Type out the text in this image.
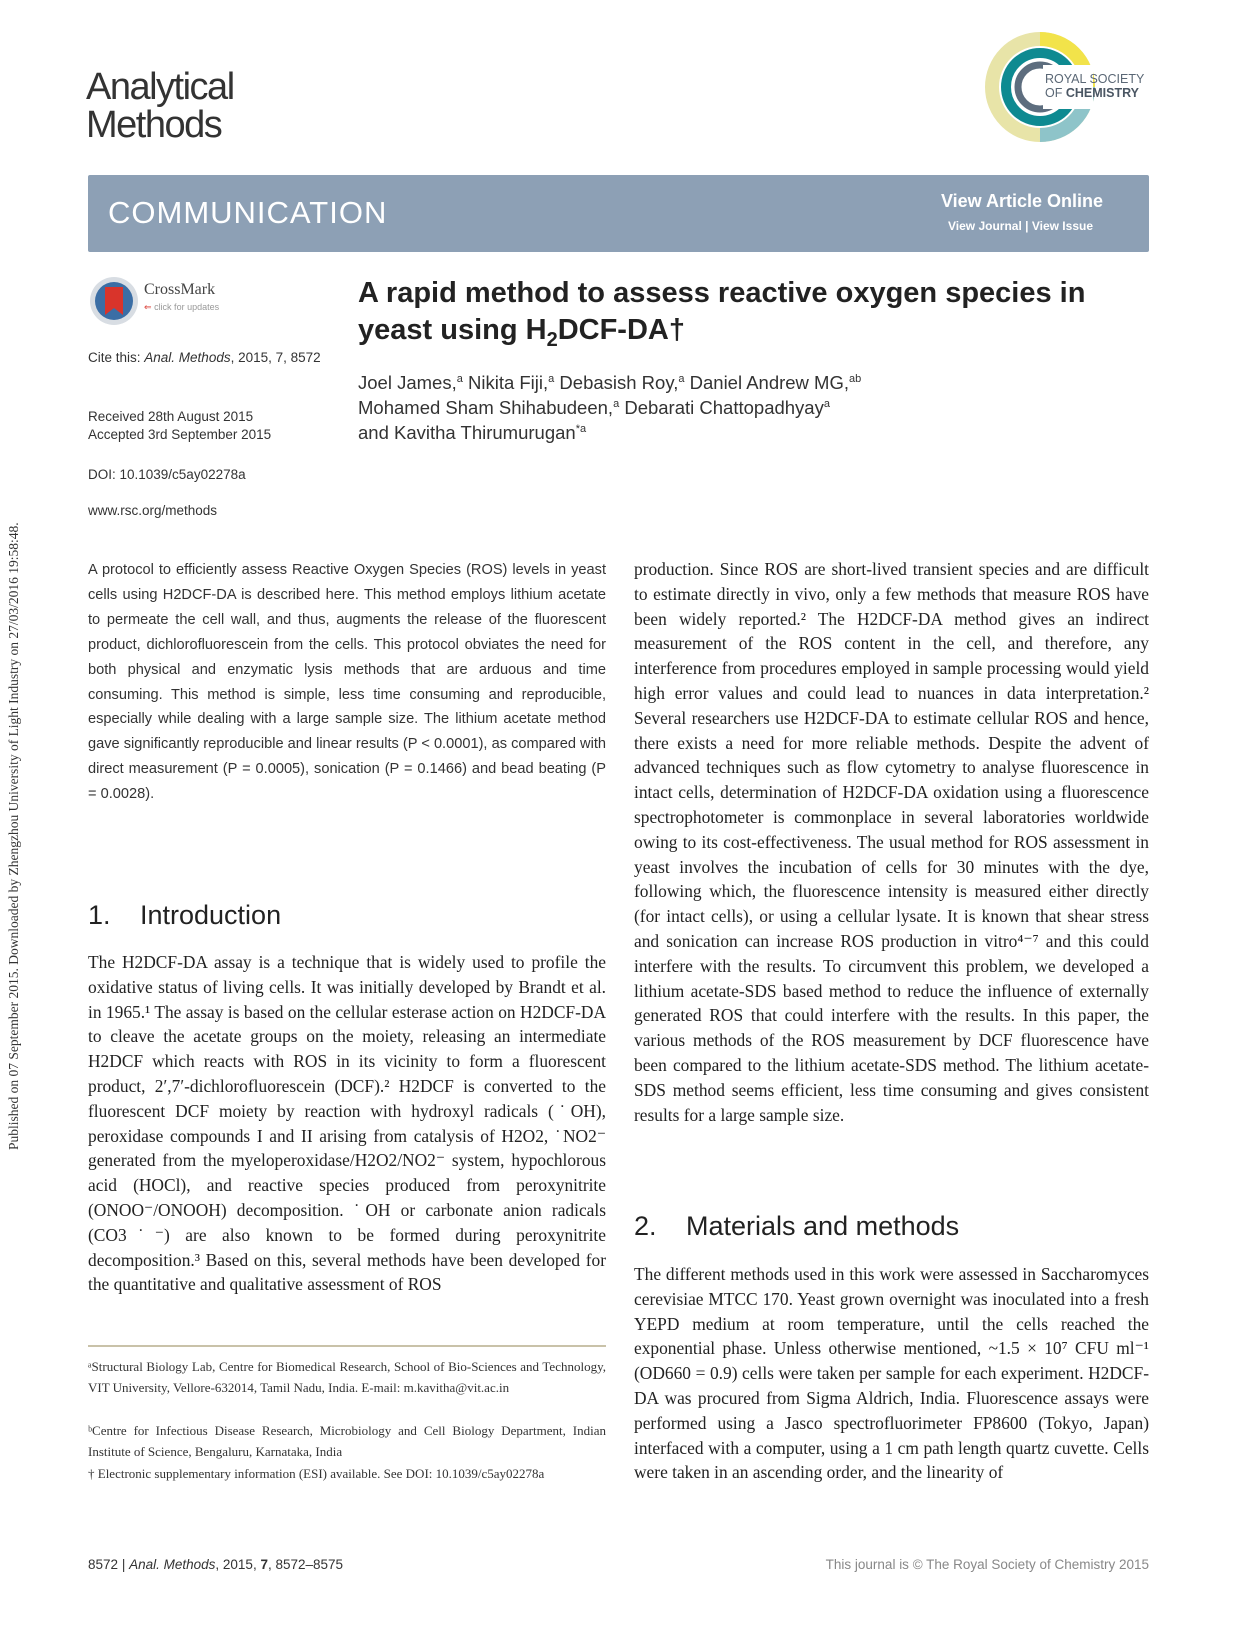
Published on 07 September 2015. Downloaded by Zhengzhou University of Light Industry on 27/03/2016 19:58:48.
Analytical
Methods
ROYAL SOCIETY
OF CHEMISTRY
COMMUNICATION	View Article Online
View Journal | View Issue
CrossMark
⇐ click for updates
Cite this: Anal. Methods, 2015, 7, 8572
Received 28th August 2015
Accepted 3rd September 2015
DOI: 10.1039/c5ay02278a
www.rsc.org/methods
A rapid method to assess reactive oxygen species in yeast using $H_2DCF-DA\dagger$
Joel James,$^a$ Nikita Fiji,$^a$ Debasish Roy,$^a$ Daniel Andrew MG,$^{ab}$
Mohamed Sham Shihabudeen,$^a$ Debarati Chattopadhyay$^a$
and Kavitha Thirumurugan$^{*a}$
A protocol to efficiently assess Reactive Oxygen Species (ROS) levels in yeast cells using H2DCF-DA is described here. This method employs lithium acetate to permeate the cell wall, and thus, augments the release of the fluorescent product, dichlorofluorescein from the cells. This protocol obviates the need for both physical and enzymatic lysis methods that are arduous and time consuming. This method is simple, less time consuming and reproducible, especially while dealing with a large sample size. The lithium acetate method gave significantly reproducible and linear results (P < 0.0001), as compared with direct measurement (P = 0.0005), sonication (P = 0.1466) and bead beating (P = 0.0028).
1. Introduction
The H2DCF-DA assay is a technique that is widely used to profile the oxidative status of living cells. It was initially developed by Brandt et al. in 1965.¹ The assay is based on the cellular esterase action on H2DCF-DA to cleave the acetate groups on the moiety, releasing an intermediate H2DCF which reacts with ROS in its vicinity to form a fluorescent product, 2′,7′-dichlorofluorescein (DCF).² H2DCF is converted to the fluorescent DCF moiety by reaction with hydroxyl radicals (˙OH), peroxidase compounds I and II arising from catalysis of H2O2, ˙NO2⁻ generated from the myeloperoxidase/H2O2/NO2⁻ system, hypochlorous acid (HOCl), and reactive species produced from peroxynitrite (ONOO⁻/ONOOH) decomposition. ˙OH or carbonate anion radicals (CO3˙⁻) are also known to be formed during peroxynitrite decomposition.³ Based on this, several methods have been developed for the quantitative and qualitative assessment of ROS
ᵃStructural Biology Lab, Centre for Biomedical Research, School of Bio-Sciences and Technology, VIT University, Vellore-632014, Tamil Nadu, India. E-mail: m.kavitha@vit.ac.in
ᵇCentre for Infectious Disease Research, Microbiology and Cell Biology Department, Indian Institute of Science, Bengaluru, Karnataka, India
† Electronic supplementary information (ESI) available. See DOI: 10.1039/c5ay02278a
production. Since ROS are short-lived transient species and are difficult to estimate directly in vivo, only a few methods that measure ROS have been widely reported.² The H2DCF-DA method gives an indirect measurement of the ROS content in the cell, and therefore, any interference from procedures employed in sample processing would yield high error values and could lead to nuances in data interpretation.² Several researchers use H2DCF-DA to estimate cellular ROS and hence, there exists a need for more reliable methods. Despite the advent of advanced techniques such as flow cytometry to analyse fluorescence in intact cells, determination of H2DCF-DA oxidation using a fluorescence spectrophotometer is commonplace in several laboratories worldwide owing to its cost-effectiveness. The usual method for ROS assessment in yeast involves the incubation of cells for 30 minutes with the dye, following which, the fluorescence intensity is measured either directly (for intact cells), or using a cellular lysate. It is known that shear stress and sonication can increase ROS production in vitro⁴⁻⁷ and this could interfere with the results. To circumvent this problem, we developed a lithium acetate-SDS based method to reduce the influence of externally generated ROS that could interfere with the results. In this paper, the various methods of the ROS measurement by DCF fluorescence have been compared to the lithium acetate-SDS method. The lithium acetate-SDS method seems efficient, less time consuming and gives consistent results for a large sample size.
2. Materials and methods
The different methods used in this work were assessed in Saccharomyces cerevisiae MTCC 170. Yeast grown overnight was inoculated into a fresh YEPD medium at room temperature, until the cells reached the exponential phase. Unless otherwise mentioned, ~1.5 × 10⁷ CFU ml⁻¹ (OD660 = 0.9) cells were taken per sample for each experiment. H2DCF-DA was procured from Sigma Aldrich, India. Fluorescence assays were performed using a Jasco spectrofluorimeter FP8600 (Tokyo, Japan) interfaced with a computer, using a 1 cm path length quartz cuvette. Cells were taken in an ascending order, and the linearity of
8572 | Anal. Methods, 2015, 7, 8572–8575	This journal is © The Royal Society of Chemistry 2015
